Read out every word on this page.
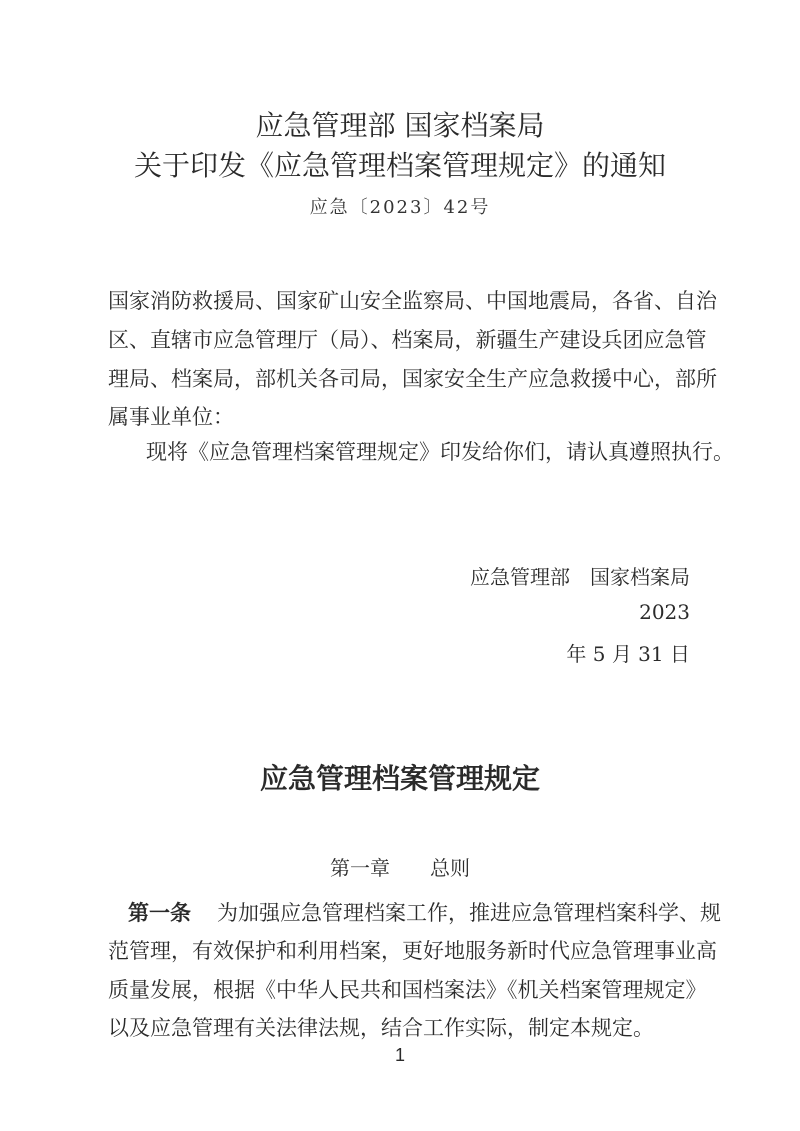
应急管理部 国家档案局
关于印发《应急管理档案管理规定》的通知
应急〔2023〕42号
国家消防救援局、国家矿山安全监察局、中国地震局，各省、自治
区、直辖市应急管理厅（局）、档案局，新疆生产建设兵团应急管
理局、档案局，部机关各司局，国家安全生产应急救援中心，部所
属事业单位：
现将《应急管理档案管理规定》印发给你们，请认真遵照执行。
应急管理部　国家档案局
2023
年 5 月 31 日
应急管理档案管理规定
第一章　　总则
第一条 为加强应急管理档案工作，推进应急管理档案科学、规
范管理，有效保护和利用档案，更好地服务新时代应急管理事业高
质量发展，根据《中华人民共和国档案法》《机关档案管理规定》
以及应急管理有关法律法规，结合工作实际，制定本规定。
1
